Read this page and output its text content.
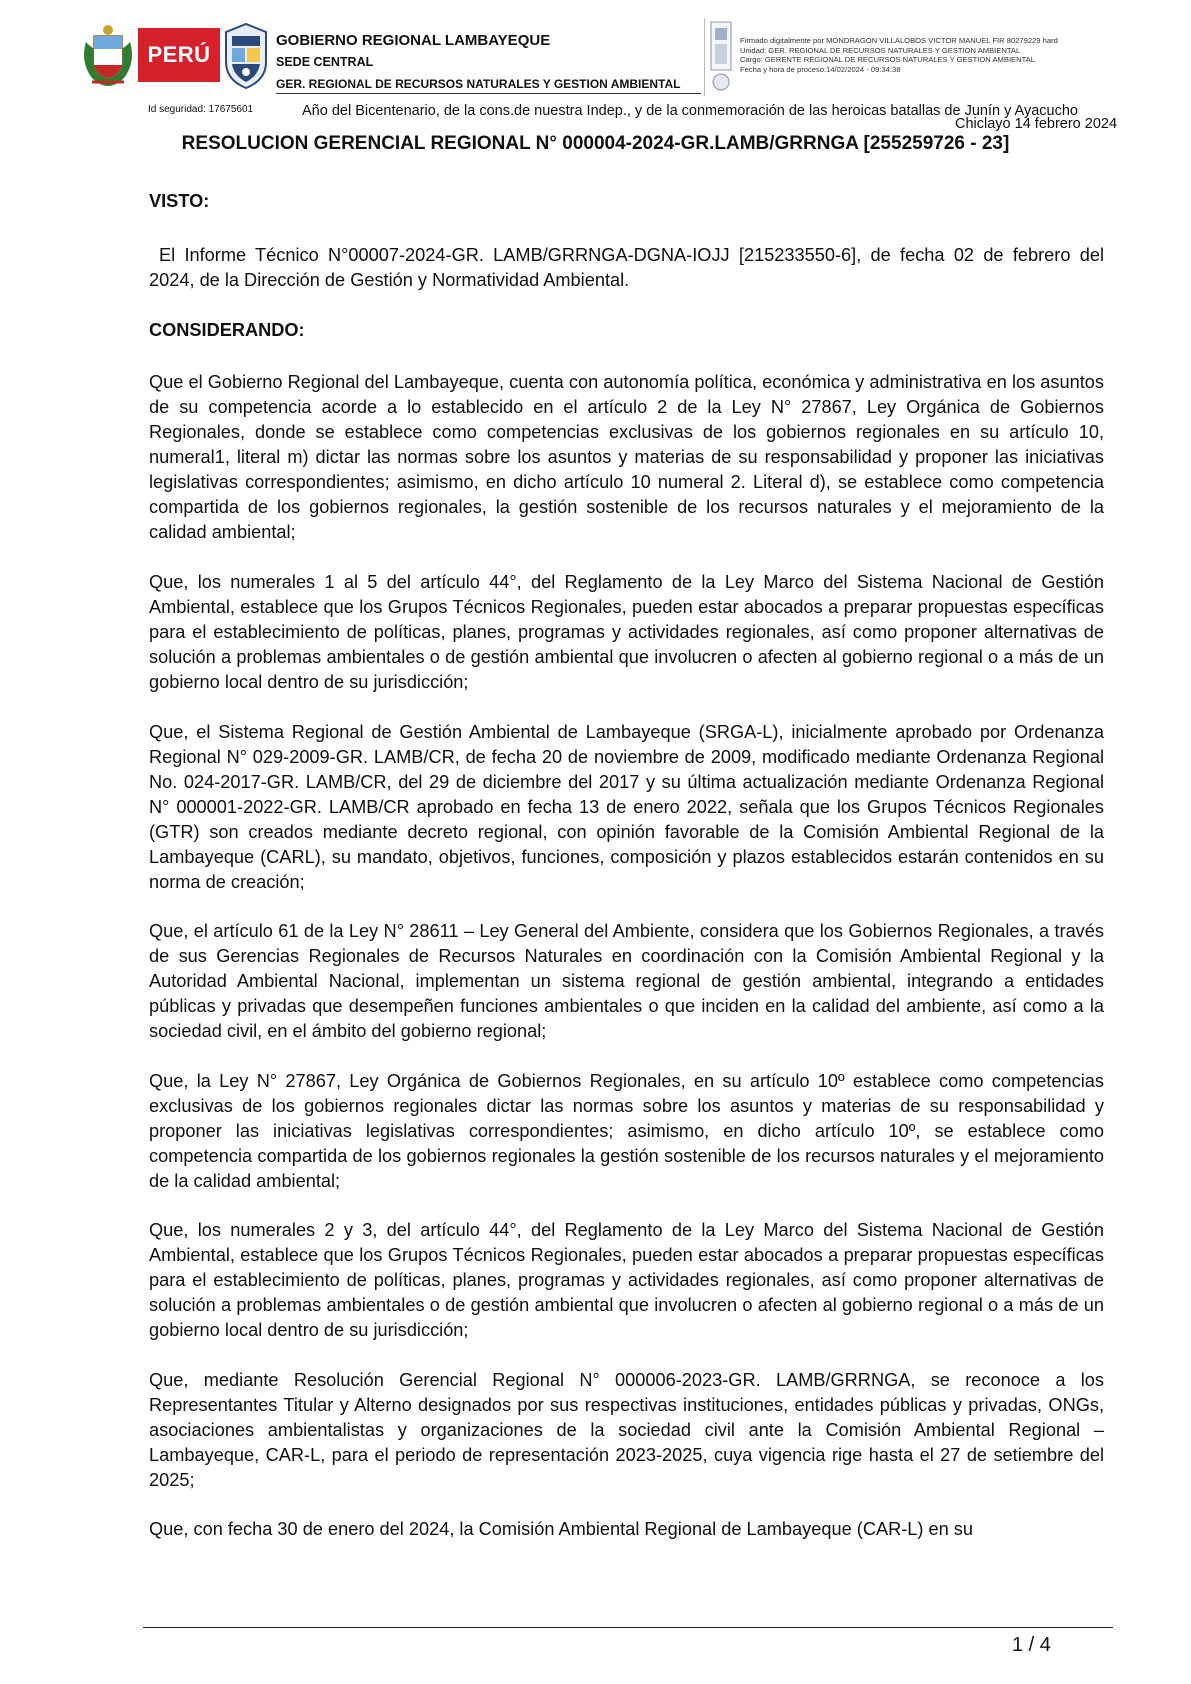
PERÚ
GOBIERNO REGIONAL LAMBAYEQUE
SEDE CENTRAL
GER. REGIONAL DE RECURSOS NATURALES Y GESTION AMBIENTAL
Firmado digitalmente por MONDRAGON VILLALOBOS VICTOR MANUEL FIR 80279229 hard
Unidad: GER. REGIONAL DE RECURSOS NATURALES Y GESTION AMBIENTAL
Cargo: GERENTE REGIONAL DE RECURSOS NATURALES Y GESTION AMBIENTAL
Fecha y hora de proceso:14/02/2024 - 09:34:38
Id seguridad: 17675601	Año del Bicentenario, de la cons.de nuestra Indep., y de la conmemoración de las heroicas batallas de Junín y Ayacucho
Chiclayo 14 febrero 2024
RESOLUCION GERENCIAL REGIONAL N° 000004-2024-GR.LAMB/GRRNGA [255259726 - 23]
VISTO:
El Informe Técnico N°00007-2024-GR. LAMB/GRRNGA-DGNA-IOJJ [215233550-6], de fecha 02 de febrero del 2024, de la Dirección de Gestión y Normatividad Ambiental.
CONSIDERANDO:
Que el Gobierno Regional del Lambayeque, cuenta con autonomía política, económica y administrativa en los asuntos de su competencia acorde a lo establecido en el artículo 2 de la Ley N° 27867, Ley Orgánica de Gobiernos Regionales, donde se establece como competencias exclusivas de los gobiernos regionales en su artículo 10, numeral1, literal m) dictar las normas sobre los asuntos y materias de su responsabilidad y proponer las iniciativas legislativas correspondientes; asimismo, en dicho artículo 10 numeral 2. Literal d), se establece como competencia compartida de los gobiernos regionales, la gestión sostenible de los recursos naturales y el mejoramiento de la calidad ambiental;
Que, los numerales 1 al 5 del artículo 44°, del Reglamento de la Ley Marco del Sistema Nacional de Gestión Ambiental, establece que los Grupos Técnicos Regionales, pueden estar abocados a preparar propuestas específicas para el establecimiento de políticas, planes, programas y actividades regionales, así como proponer alternativas de solución a problemas ambientales o de gestión ambiental que involucren o afecten al gobierno regional o a más de un gobierno local dentro de su jurisdicción;
Que, el Sistema Regional de Gestión Ambiental de Lambayeque (SRGA-L), inicialmente aprobado por Ordenanza Regional N° 029-2009-GR. LAMB/CR, de fecha 20 de noviembre de 2009, modificado mediante Ordenanza Regional No. 024-2017-GR. LAMB/CR, del 29 de diciembre del 2017 y su última actualización mediante Ordenanza Regional N° 000001-2022-GR. LAMB/CR aprobado en fecha 13 de enero 2022, señala que los Grupos Técnicos Regionales (GTR) son creados mediante decreto regional, con opinión favorable de la Comisión Ambiental Regional de la Lambayeque (CARL), su mandato, objetivos, funciones, composición y plazos establecidos estarán contenidos en su norma de creación;
Que, el artículo 61 de la Ley N° 28611 – Ley General del Ambiente, considera que los Gobiernos Regionales, a través de sus Gerencias Regionales de Recursos Naturales en coordinación con la Comisión Ambiental Regional y la Autoridad Ambiental Nacional, implementan un sistema regional de gestión ambiental, integrando a entidades públicas y privadas que desempeñen funciones ambientales o que inciden en la calidad del ambiente, así como a la sociedad civil, en el ámbito del gobierno regional;
Que, la Ley N° 27867, Ley Orgánica de Gobiernos Regionales, en su artículo 10º establece como competencias exclusivas de los gobiernos regionales dictar las normas sobre los asuntos y materias de su responsabilidad y proponer las iniciativas legislativas correspondientes; asimismo, en dicho artículo 10º, se establece como competencia compartida de los gobiernos regionales la gestión sostenible de los recursos naturales y el mejoramiento de la calidad ambiental;
Que, los numerales 2 y 3, del artículo 44°, del Reglamento de la Ley Marco del Sistema Nacional de Gestión Ambiental, establece que los Grupos Técnicos Regionales, pueden estar abocados a preparar propuestas específicas para el establecimiento de políticas, planes, programas y actividades regionales, así como proponer alternativas de solución a problemas ambientales o de gestión ambiental que involucren o afecten al gobierno regional o a más de un gobierno local dentro de su jurisdicción;
Que, mediante Resolución Gerencial Regional N° 000006-2023-GR. LAMB/GRRNGA, se reconoce a los Representantes Titular y Alterno designados por sus respectivas instituciones, entidades públicas y privadas, ONGs, asociaciones ambientalistas y organizaciones de la sociedad civil ante la Comisión Ambiental Regional – Lambayeque, CAR-L, para el periodo de representación 2023-2025, cuya vigencia rige hasta el 27 de setiembre del 2025;
Que, con fecha 30 de enero del 2024, la Comisión Ambiental Regional de Lambayeque (CAR-L) en su
1 / 4
